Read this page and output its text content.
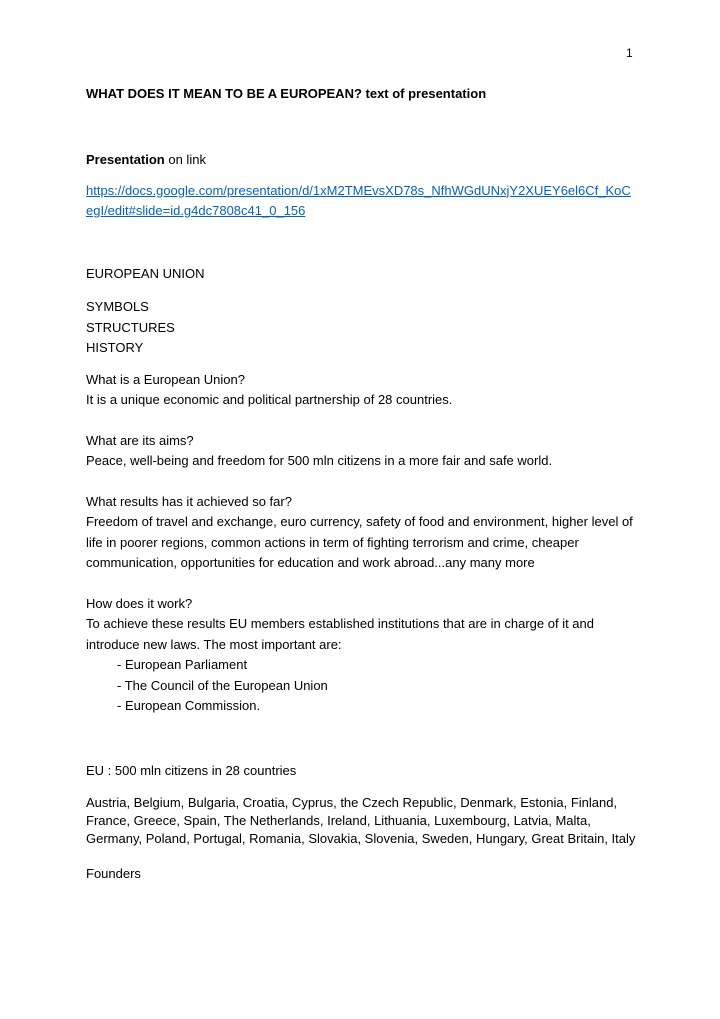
1

WHAT DOES IT MEAN TO BE A EUROPEAN? text of presentation

Presentation on link

https://docs.google.com/presentation/d/1xM2TMEvsXD78s_NfhWGdUNxjY2XUEY6el6Cf_KoCegI/edit#slide=id.g4dc7808c41_0_156

EUROPEAN UNION

SYMBOLS
STRUCTURES
HISTORY
What is a European Union?
It is a unique economic and political partnership of 28 countries.
What are its aims?
Peace, well-being and freedom for 500 mln citizens in a more fair and safe world.
What results has it achieved so far?
Freedom of travel and exchange, euro currency, safety of food and environment, higher level of life in poorer regions, common actions in term of fighting terrorism and crime, cheaper communication, opportunities for education and work abroad...any many more
How does it work?
To achieve these results EU members established institutions that are in charge of it and introduce new laws. The most important are:
- European Parliament
- The Council of the European Union
- European Commission.

EU : 500 mln citizens in 28 countries

Austria, Belgium, Bulgaria, Croatia, Cyprus, the Czech Republic, Denmark, Estonia, Finland, France, Greece, Spain, The Netherlands, Ireland, Lithuania, Luxembourg, Latvia, Malta, Germany, Poland, Portugal, Romania, Slovakia, Slovenia, Sweden, Hungary, Great Britain, Italy

Founders
